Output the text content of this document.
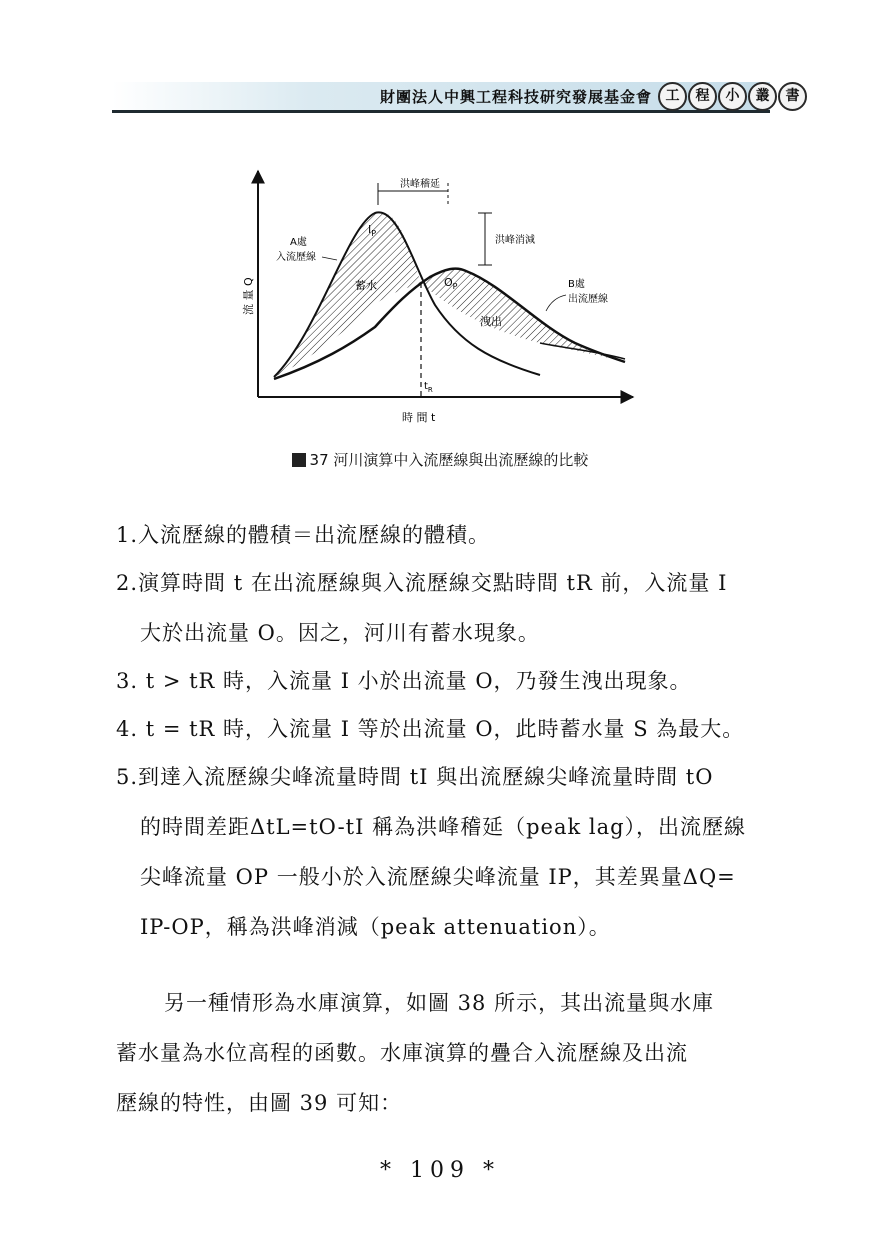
財團法人中興工程科技研究發展基金會 工	程	小	叢	書
洪峰稽延
洪峰消減
$I_P$
$O_P$
$t_R$
蓄水
洩出
A處
入流歷線
B處
出流歷線
流 量 Q
時 間 t
37 河川演算中入流歷線與出流歷線的比較
1.入流歷線的體積＝出流歷線的體積。
2.演算時間 t 在出流歷線與入流歷線交點時間 tR 前，入流量 I
大於出流量 O。因之，河川有蓄水現象。
3. t > tR 時，入流量 I 小於出流量 O，乃發生洩出現象。
4. t = tR 時，入流量 I 等於出流量 O，此時蓄水量 S 為最大。
5.到達入流歷線尖峰流量時間 tI 與出流歷線尖峰流量時間 tO
的時間差距ΔtL=tO-tI 稱為洪峰稽延（peak lag），出流歷線
尖峰流量 OP 一般小於入流歷線尖峰流量 IP，其差異量ΔQ=
IP-OP，稱為洪峰消減（peak attenuation）。
另一種情形為水庫演算，如圖 38 所示，其出流量與水庫
蓄水量為水位高程的函數。水庫演算的疊合入流歷線及出流
歷線的特性，由圖 39 可知：
* 109 *
